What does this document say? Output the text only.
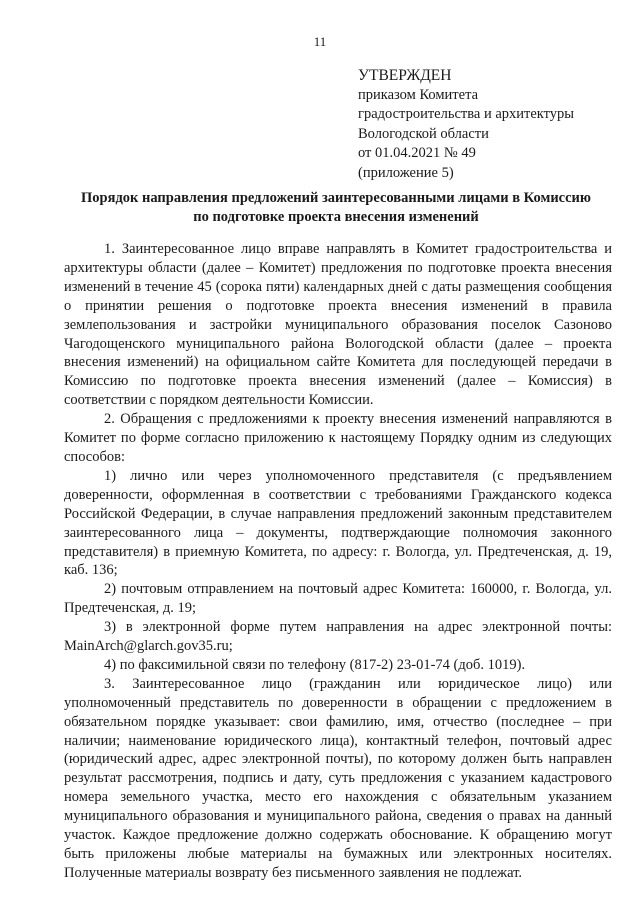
11
УТВЕРЖДЕН
приказом Комитета
градостроительства и архитектуры
Вологодской области
от 01.04.2021 № 49
(приложение 5)
Порядок направления предложений заинтересованными лицами в Комиссию
по подготовке проекта внесения изменений

1. Заинтересованное лицо вправе направлять в Комитет градостроительства и архитектуры области (далее – Комитет) предложения по подготовке проекта внесения изменений в течение 45 (сорока пяти) календарных дней с даты размещения сообщения о принятии решения о подготовке проекта внесения изменений в правила землепользования и застройки муниципального образования поселок Сазоново Чагодощенского муниципального района Вологодской области (далее – проекта внесения изменений) на официальном сайте Комитета для последующей передачи в Комиссию по подготовке проекта внесения изменений (далее – Комиссия) в соответствии с порядком деятельности Комиссии.

2. Обращения с предложениями к проекту внесения изменений направляются в Комитет по форме согласно приложению к настоящему Порядку одним из следующих способов:

1) лично или через уполномоченного представителя (с предъявлением доверенности, оформленная в соответствии с требованиями Гражданского кодекса Российской Федерации, в случае направления предложений законным представителем заинтересованного лица – документы, подтверждающие полномочия законного представителя) в приемную Комитета, по адресу: г. Вологда, ул. Предтеченская, д. 19, каб. 136;

2) почтовым отправлением на почтовый адрес Комитета: 160000, г. Вологда, ул. Предтеченская, д. 19;

3) в электронной форме путем направления на адрес электронной почты: MainArch@glarch.gov35.ru;

4) по факсимильной связи по телефону (817-2) 23-01-74 (доб. 1019).

3. Заинтересованное лицо (гражданин или юридическое лицо) или уполномоченный представитель по доверенности в обращении с предложением в обязательном порядке указывает: свои фамилию, имя, отчество (последнее – при наличии; наименование юридического лица), контактный телефон, почтовый адрес (юридический адрес, адрес электронной почты), по которому должен быть направлен результат рассмотрения, подпись и дату, суть предложения с указанием кадастрового номера земельного участка, место его нахождения с обязательным указанием муниципального образования и муниципального района, сведения о правах на данный участок. Каждое предложение должно содержать обоснование. К обращению могут быть приложены любые материалы на бумажных или электронных носителях. Полученные материалы возврату без письменного заявления не подлежат.
